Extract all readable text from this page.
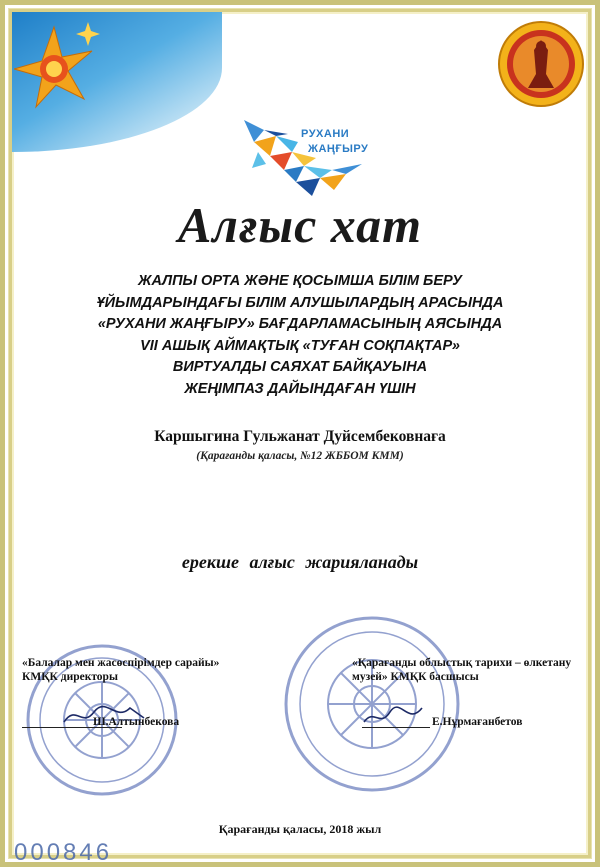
РУХАНИ
ЖАҢҒЫРУ
Алғыс хат
ЖАЛПЫ ОРТА ЖӘНЕ ҚОСЫМША БІЛІМ БЕРУ
ҰЙЫМДАРЫНДАҒЫ БІЛІМ АЛУШЫЛАРДЫҢ АРАСЫНДА
«РУХАНИ ЖАҢҒЫРУ» БАҒДАРЛАМАСЫНЫҢ АЯСЫНДА
VII АШЫҚ АЙМАҚТЫҚ «ТУҒАН СОҚПАҚТАР»
ВИРТУАЛДЫ САЯХАТ БАЙҚАУЫНА
ЖЕҢІМПАЗ ДАЙЫНДАҒАН ҮШІН
Каршыгина Гульжанат Дуйсембековнаға
(Қарағанды қаласы, №12 ЖББОМ КММ)
ерекше алғыс жарияланады
«Балалар мен жасөспірімдер сарайы»
КМҚК директоры
Ш.Алтынбекова
«Қарағанды облыстық тарихи – өлкетану
музей» КМҚК басшысы
Е.Нұрмағанбетов
Қарағанды қаласы, 2018 жыл
000846
